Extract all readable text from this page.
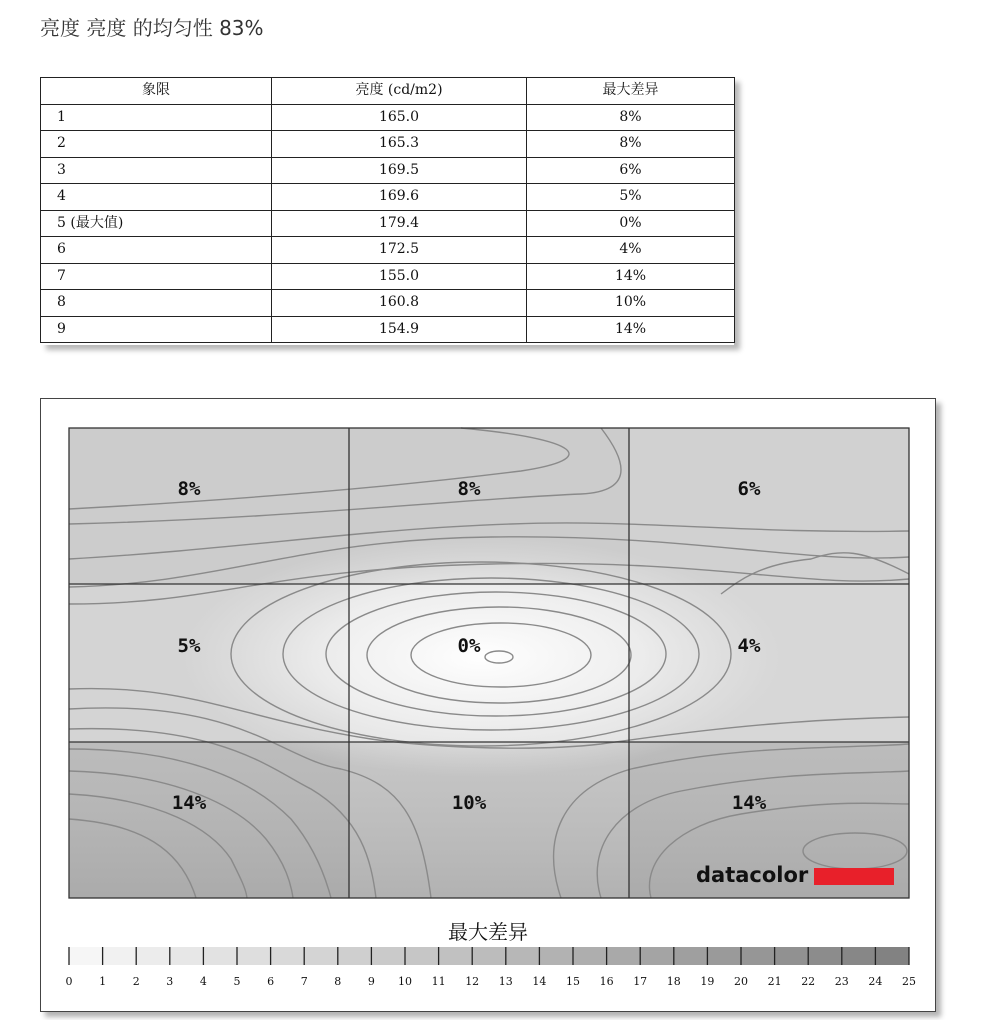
亮度 亮度 的均匀性 83%
象限	亮度 (cd/m2)	最大差异
1	165.0	8%
2	165.3	8%
3	169.5	6%
4	169.6	5%
5 (最大值)	179.4	0%
6	172.5	4%
7	155.0	14%
8	160.8	10%
9	154.9	14%
8%	8%	6%
5%	0%	4%
14%	10%	14%
datacolor
最大差异
0 1 2 3 4 5 6 7 8 9 10 11 12 13 14 15 16 17 18 19 20 21 22 23 24 25
